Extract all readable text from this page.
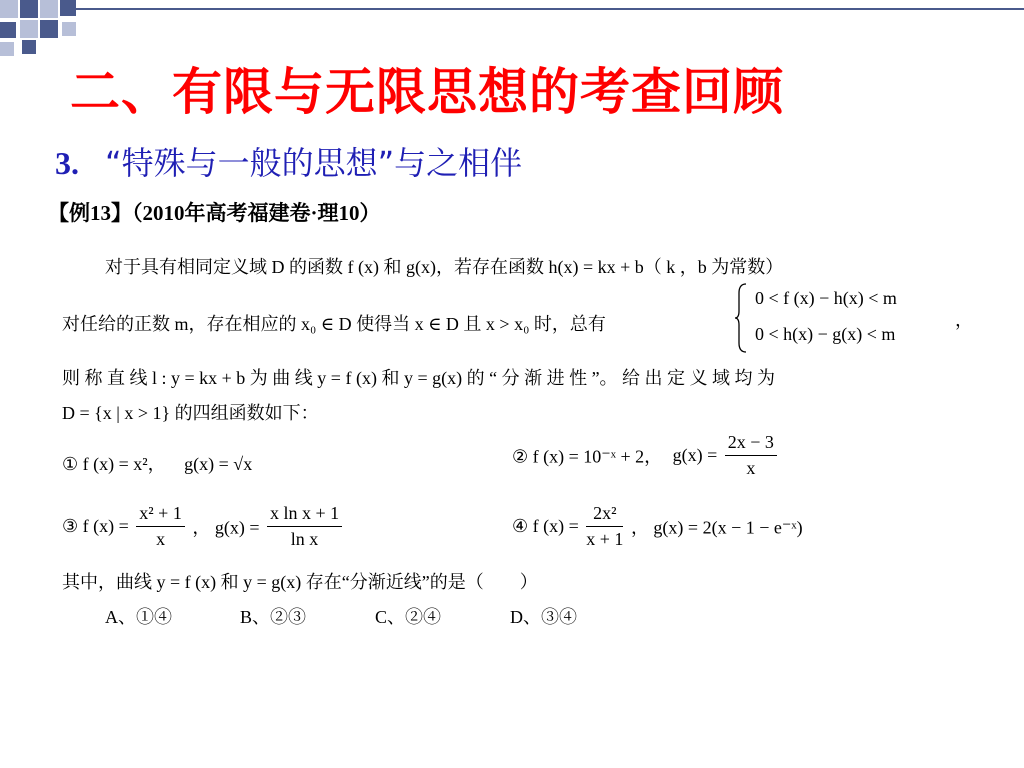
二、有限与无限思想的考查回顾
3. “特殊与一般的思想”与之相伴
【例13】（2010年高考福建卷·理10）
对于具有相同定义域 D 的函数 f (x) 和 g(x)，若存在函数 h(x) = kx + b（ k ，b 为常数）
对任给的正数 m，存在相应的 x₀ ∈ D 使得当 x ∈ D 且 x > x₀ 时，总有
0 < f (x) − h(x) < m
0 < h(x) − g(x) < m
，
则 称 直 线 l : y = kx + b 为 曲 线 y = f (x) 和 y = g(x) 的 “ 分 渐 进 性 ”。 给 出 定 义 域 均 为
D = {x | x > 1} 的四组函数如下：
① f (x) = x²， g(x) = √x	② f (x) = 10⁻ˣ + 2， $g(x) = \frac{2x - 3}{x}$
③ f $(x) = \frac{\text{x² + 1}}{x}$ ， $g(x) = \frac{\text{x ln x + 1}}{\text{ln x}}$	④ f $(x) = \frac{\text{2x²}}{x + 1}$ ， g(x) = 2(x − 1 − e⁻ˣ)
其中，曲线 y = f (x) 和 y = g(x) 存在“分渐近线”的是（　　）
A、①④	B、②③	C、②④	D、③④
